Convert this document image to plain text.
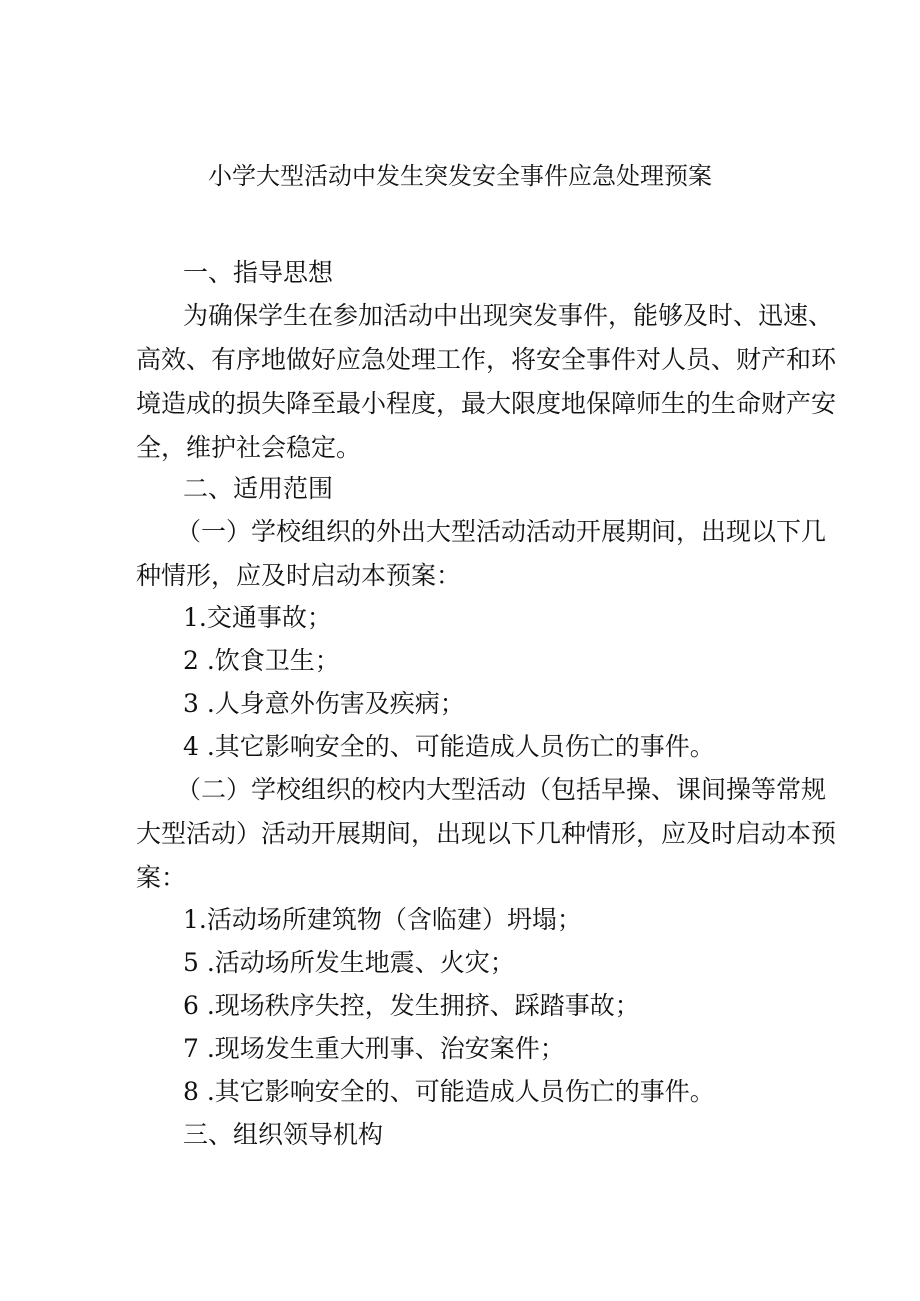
小学大型活动中发生突发安全事件应急处理预案
一、指导思想
为确保学生在参加活动中出现突发事件，能够及时、迅速、
高效、有序地做好应急处理工作，将安全事件对人员、财产和环
境造成的损失降至最小程度，最大限度地保障师生的生命财产安
全，维护社会稳定。
二、适用范围
（一）学校组织的外出大型活动活动开展期间，出现以下几
种情形，应及时启动本预案：
1.交通事故；
2 .饮食卫生；
3 .人身意外伤害及疾病；
4 .其它影响安全的、可能造成人员伤亡的事件。
（二）学校组织的校内大型活动（包括早操、课间操等常规
大型活动）活动开展期间，出现以下几种情形，应及时启动本预
案：
1.活动场所建筑物（含临建）坍塌；
5 .活动场所发生地震、火灾；
6 .现场秩序失控，发生拥挤、踩踏事故；
7 .现场发生重大刑事、治安案件；
8 .其它影响安全的、可能造成人员伤亡的事件。
三、组织领导机构
